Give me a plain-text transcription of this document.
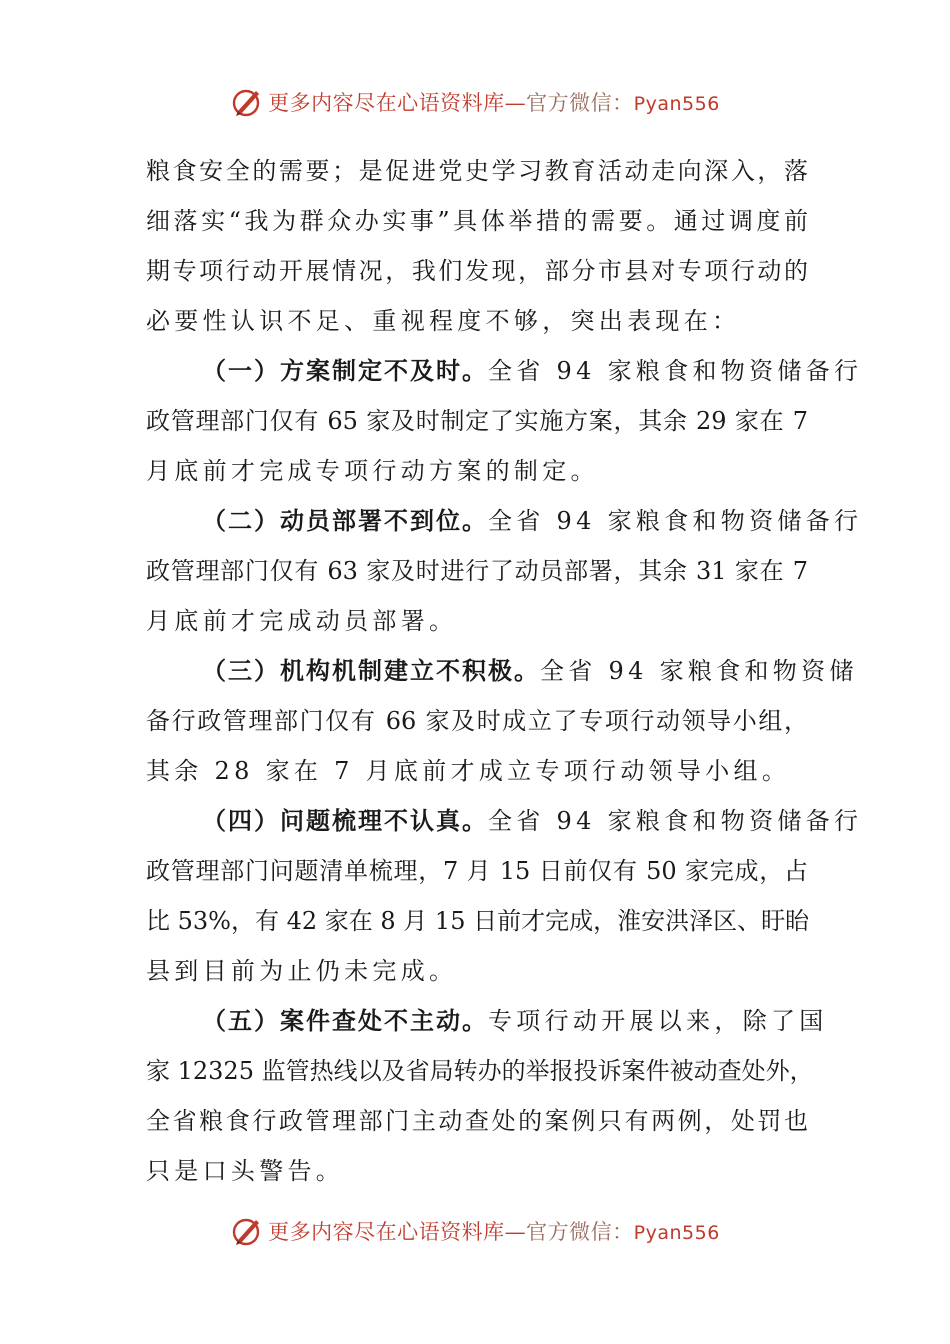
更多内容尽在心语资料库—官方微信：Pyan556
粮食安全的需要；是促进党史学习教育活动走向深入，落
细落实“我为群众办实事”具体举措的需要。通过调度前
期专项行动开展情况，我们发现，部分市县对专项行动的
必要性认识不足、重视程度不够，突出表现在：
（一）方案制定不及时。全省 94 家粮食和物资储备行
政管理部门仅有 65 家及时制定了实施方案，其余 29 家在 7
月底前才完成专项行动方案的制定。
（二）动员部署不到位。全省 94 家粮食和物资储备行
政管理部门仅有 63 家及时进行了动员部署，其余 31 家在 7
月底前才完成动员部署。
（三）机构机制建立不积极。全省 94 家粮食和物资储
备行政管理部门仅有 66 家及时成立了专项行动领导小组，
其余 28 家在 7 月底前才成立专项行动领导小组。
（四）问题梳理不认真。全省 94 家粮食和物资储备行
政管理部门问题清单梳理，7 月 15 日前仅有 50 家完成，占
比 53%，有 42 家在 8 月 15 日前才完成，淮安洪泽区、盱眙
县到目前为止仍未完成。
（五）案件查处不主动。专项行动开展以来，除了国
家 12325 监管热线以及省局转办的举报投诉案件被动查处外，
全省粮食行政管理部门主动查处的案例只有两例，处罚也
只是口头警告。
更多内容尽在心语资料库—官方微信：Pyan556
